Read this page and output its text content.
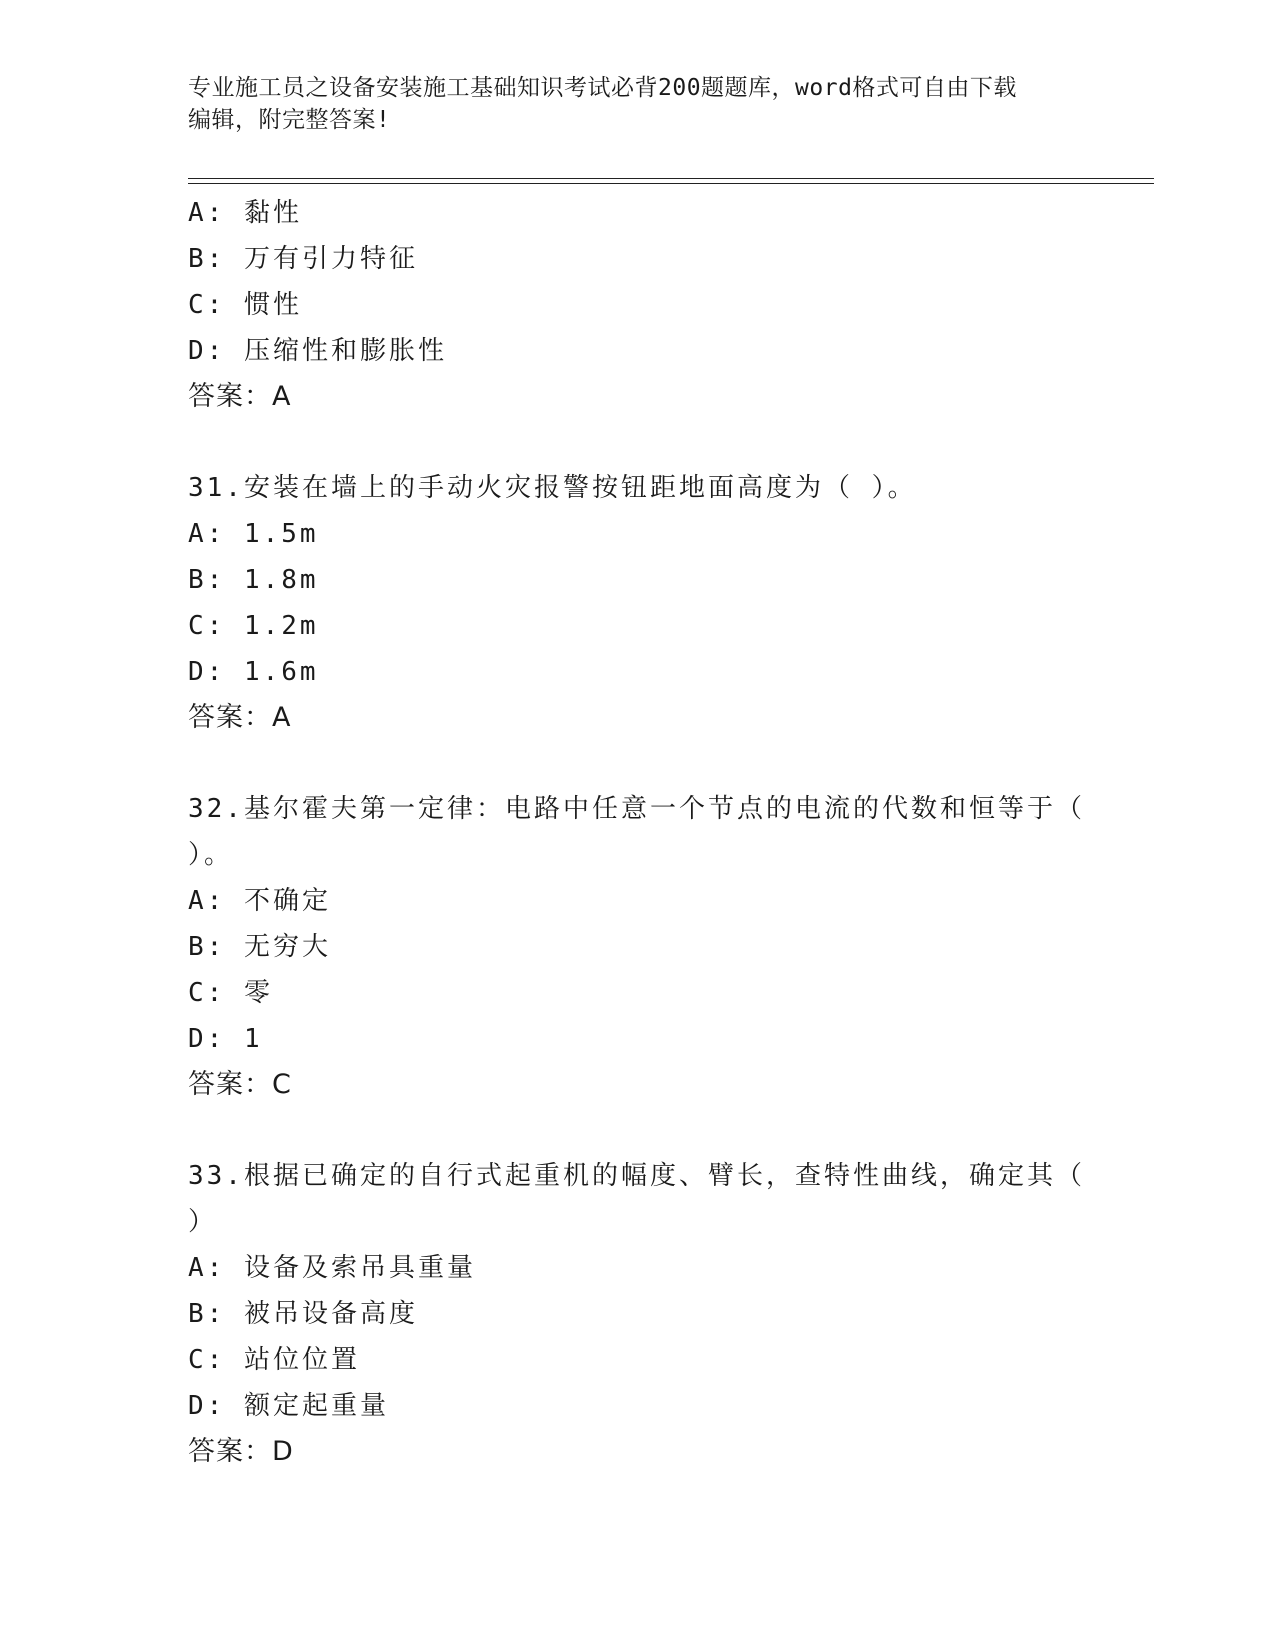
专业施工员之设备安装施工基础知识考试必背200题题库，word格式可自由下载
编辑，附完整答案!
A: 黏性
B: 万有引力特征
C: 惯性
D: 压缩性和膨胀性
答案：A
31.安装在墙上的手动火灾报警按钮距地面高度为（ ）。
A: 1.5m
B: 1.8m
C: 1.2m
D: 1.6m
答案：A
32.基尔霍夫第一定律：电路中任意一个节点的电流的代数和恒等于（
）。
A: 不确定
B: 无穷大
C: 零
D: 1
答案：C
33.根据已确定的自行式起重机的幅度、臂长，查特性曲线，确定其（
）
A: 设备及索吊具重量
B: 被吊设备高度
C: 站位位置
D: 额定起重量
答案：D
